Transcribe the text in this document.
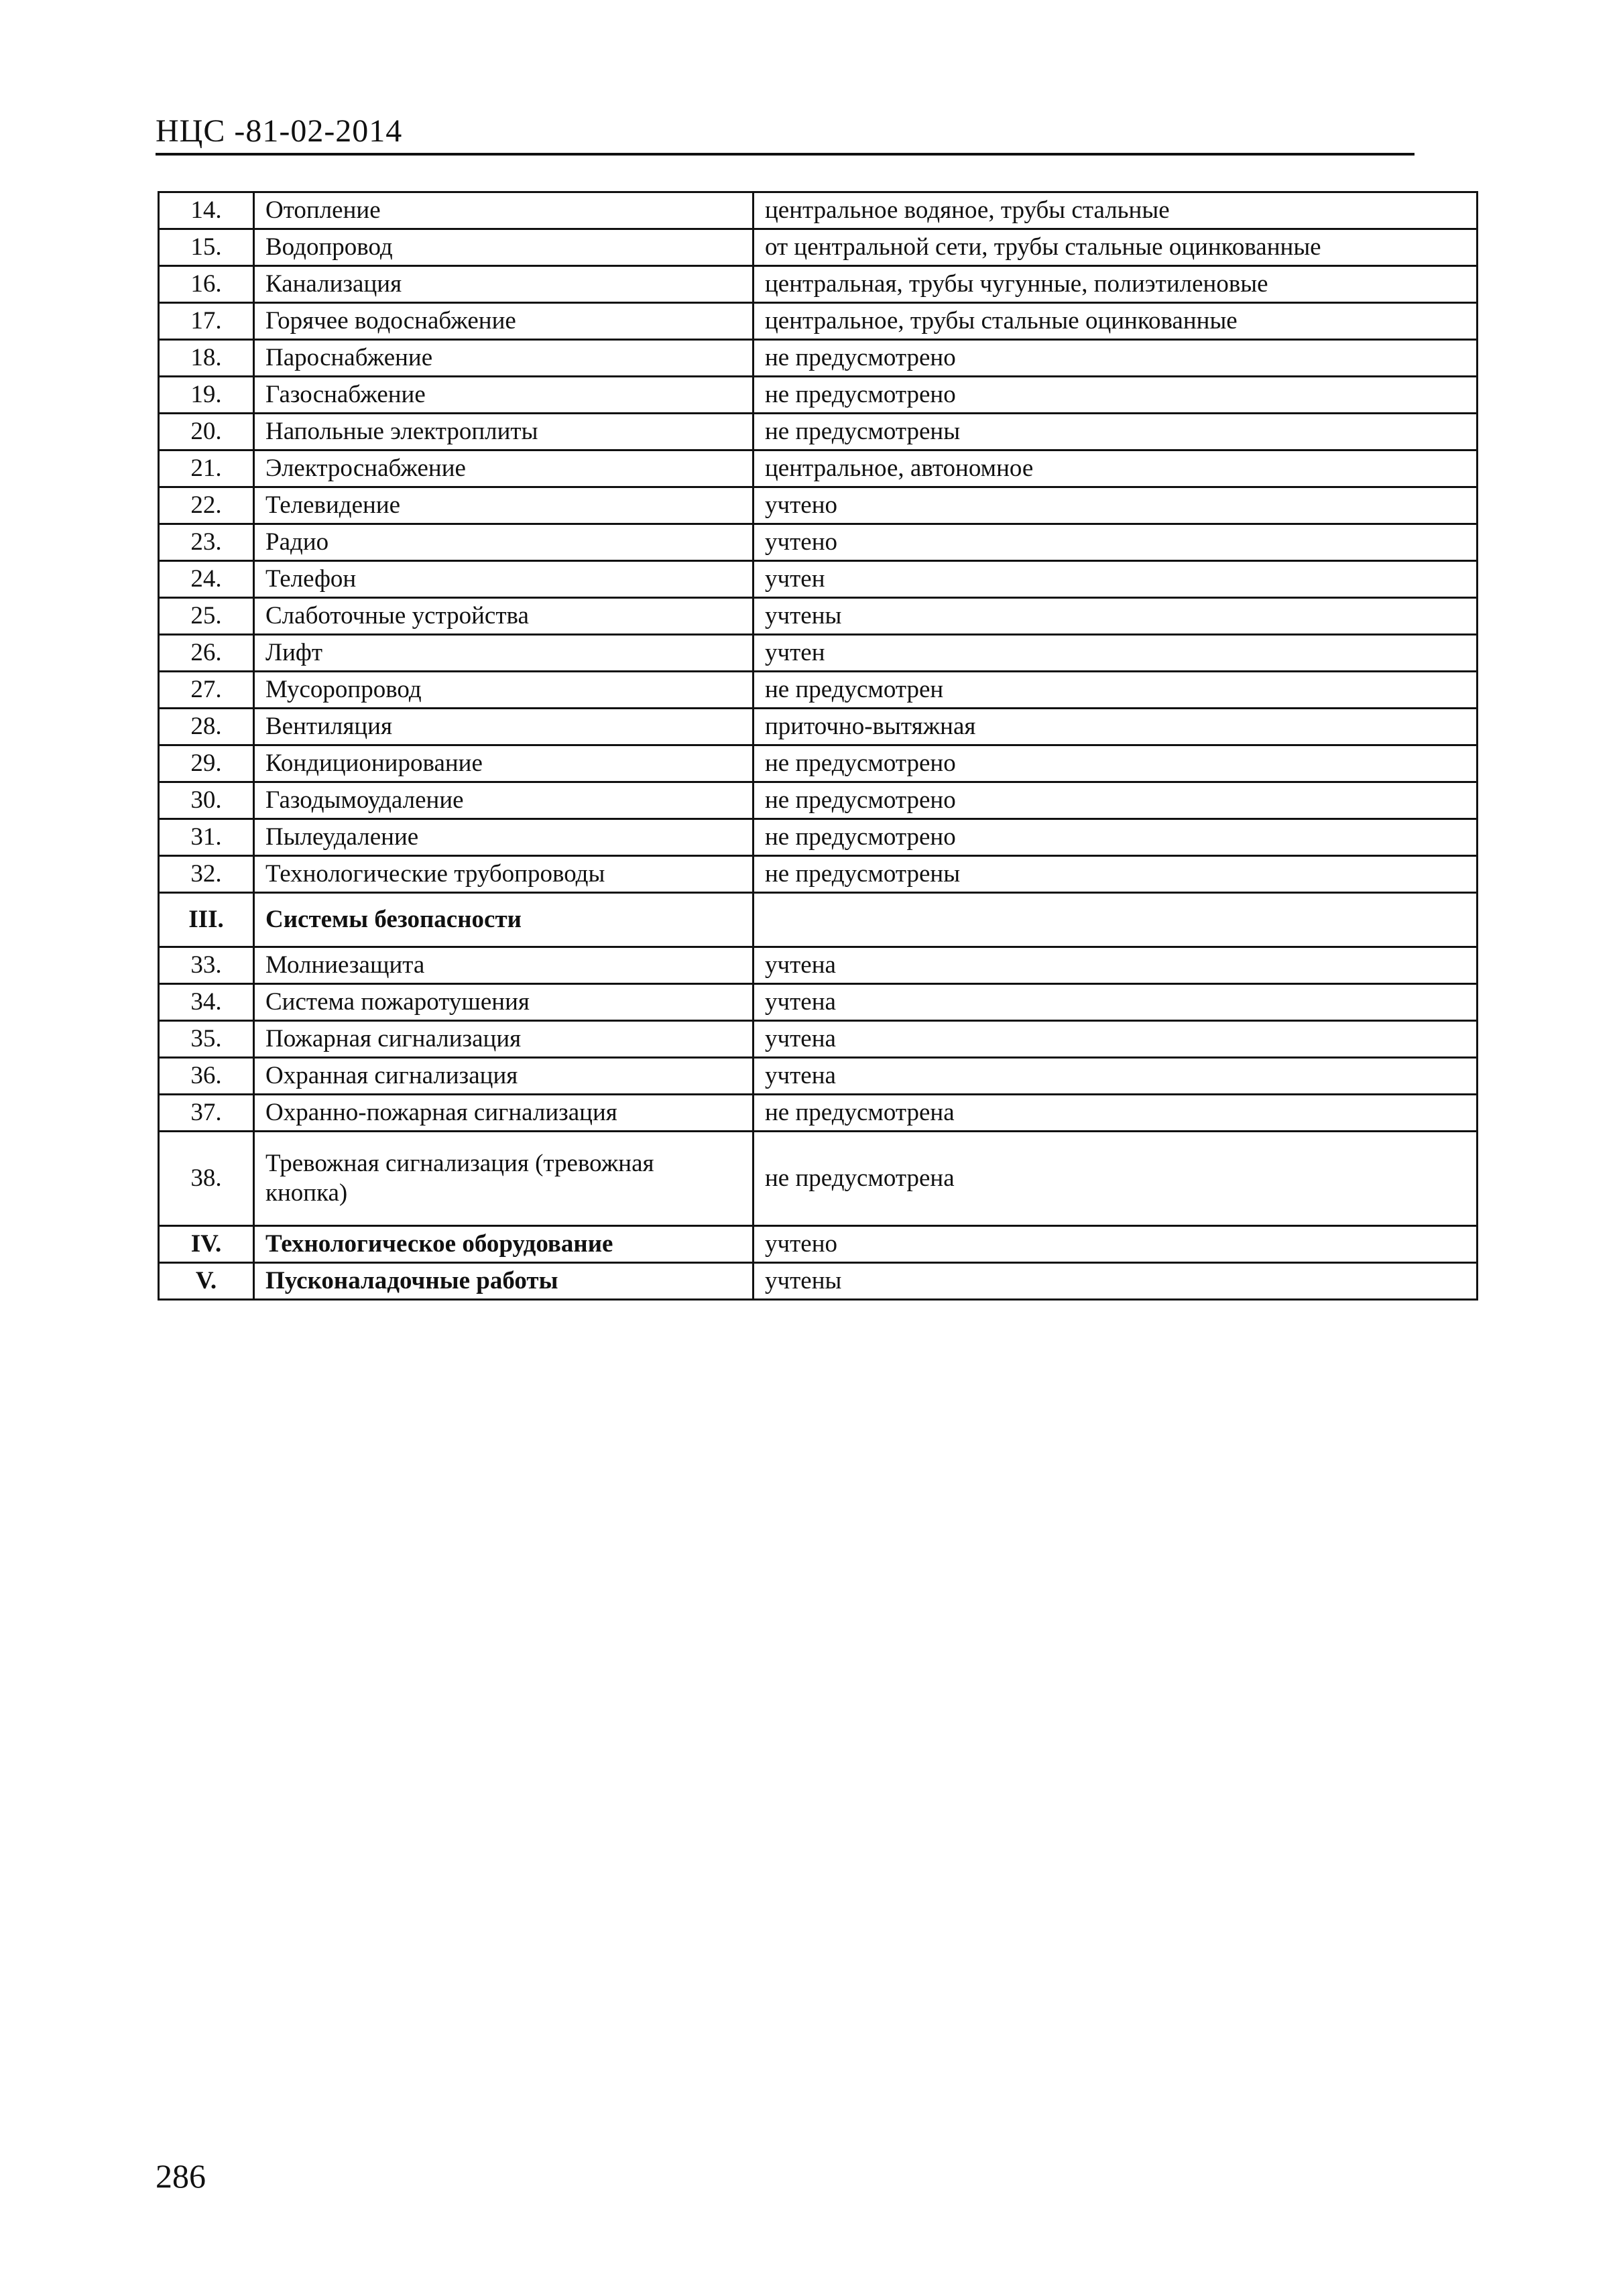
НЦС -81-02-2014
14.	Отопление	центральное водяное, трубы стальные
15.	Водопровод	от центральной сети, трубы стальные оцинкованные
16.	Канализация	центральная, трубы чугунные, полиэтиленовые
17.	Горячее водоснабжение	центральное, трубы стальные оцинкованные
18.	Пароснабжение	не предусмотрено
19.	Газоснабжение	не предусмотрено
20.	Напольные электроплиты	не предусмотрены
21.	Электроснабжение	центральное, автономное
22.	Телевидение	учтено
23.	Радио	учтено
24.	Телефон	учтен
25.	Слаботочные устройства	учтены
26.	Лифт	учтен
27.	Мусоропровод	не предусмотрен
28.	Вентиляция	приточно-вытяжная
29.	Кондиционирование	не предусмотрено
30.	Газодымоудаление	не предусмотрено
31.	Пылеудаление	не предусмотрено
32.	Технологические трубопроводы	не предусмотрены
III.	Системы безопасности	
33.	Молниезащита	учтена
34.	Система пожаротушения	учтена
35.	Пожарная сигнализация	учтена
36.	Охранная сигнализация	учтена
37.	Охранно-пожарная сигнализация	не предусмотрена
38.	Тревожная сигнализация (тревожная кнопка)	не предусмотрена
IV.	Технологическое оборудование	учтено
V.	Пусконаладочные работы	учтены
286
